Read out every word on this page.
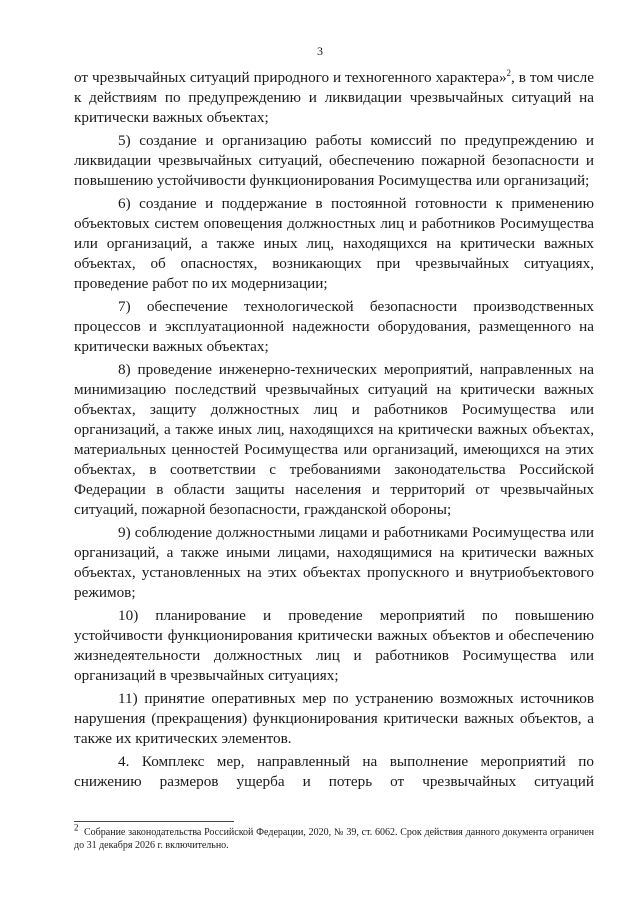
3

от чрезвычайных ситуаций природного и техногенного характера»$^2$, в том числе к действиям по предупреждению и ликвидации чрезвычайных ситуаций на критически важных объектах;

5) создание и организацию работы комиссий по предупреждению и ликвидации чрезвычайных ситуаций, обеспечению пожарной безопасности и повышению устойчивости функционирования Росимущества или организаций;

6) создание и поддержание в постоянной готовности к применению объектовых систем оповещения должностных лиц и работников Росимущества или организаций, а также иных лиц, находящихся на критически важных объектах, об опасностях, возникающих при чрезвычайных ситуациях, проведение работ по их модернизации;

7) обеспечение технологической безопасности производственных процессов и эксплуатационной надежности оборудования, размещенного на критически важных объектах;

8) проведение инженерно-технических мероприятий, направленных на минимизацию последствий чрезвычайных ситуаций на критически важных объектах, защиту должностных лиц и работников Росимущества или организаций, а также иных лиц, находящихся на критически важных объектах, материальных ценностей Росимущества или организаций, имеющихся на этих объектах, в соответствии с требованиями законодательства Российской Федерации в области защиты населения и территорий от чрезвычайных ситуаций, пожарной безопасности, гражданской обороны;

9) соблюдение должностными лицами и работниками Росимущества или организаций, а также иными лицами, находящимися на критически важных объектах, установленных на этих объектах пропускного и внутриобъектового режимов;

10) планирование и проведение мероприятий по повышению устойчивости функционирования критически важных объектов и обеспечению жизнедеятельности должностных лиц и работников Росимущества или организаций в чрезвычайных ситуациях;

11) принятие оперативных мер по устранению возможных источников нарушения (прекращения) функционирования критически важных объектов, а также их критических элементов.

4. Комплекс мер, направленный на выполнение мероприятий по снижению размеров ущерба и потерь от чрезвычайных ситуаций

$^2$ Собрание законодательства Российской Федерации, 2020, № 39, ст. 6062. Срок действия данного документа ограничен до 31 декабря 2026 г. включительно.
